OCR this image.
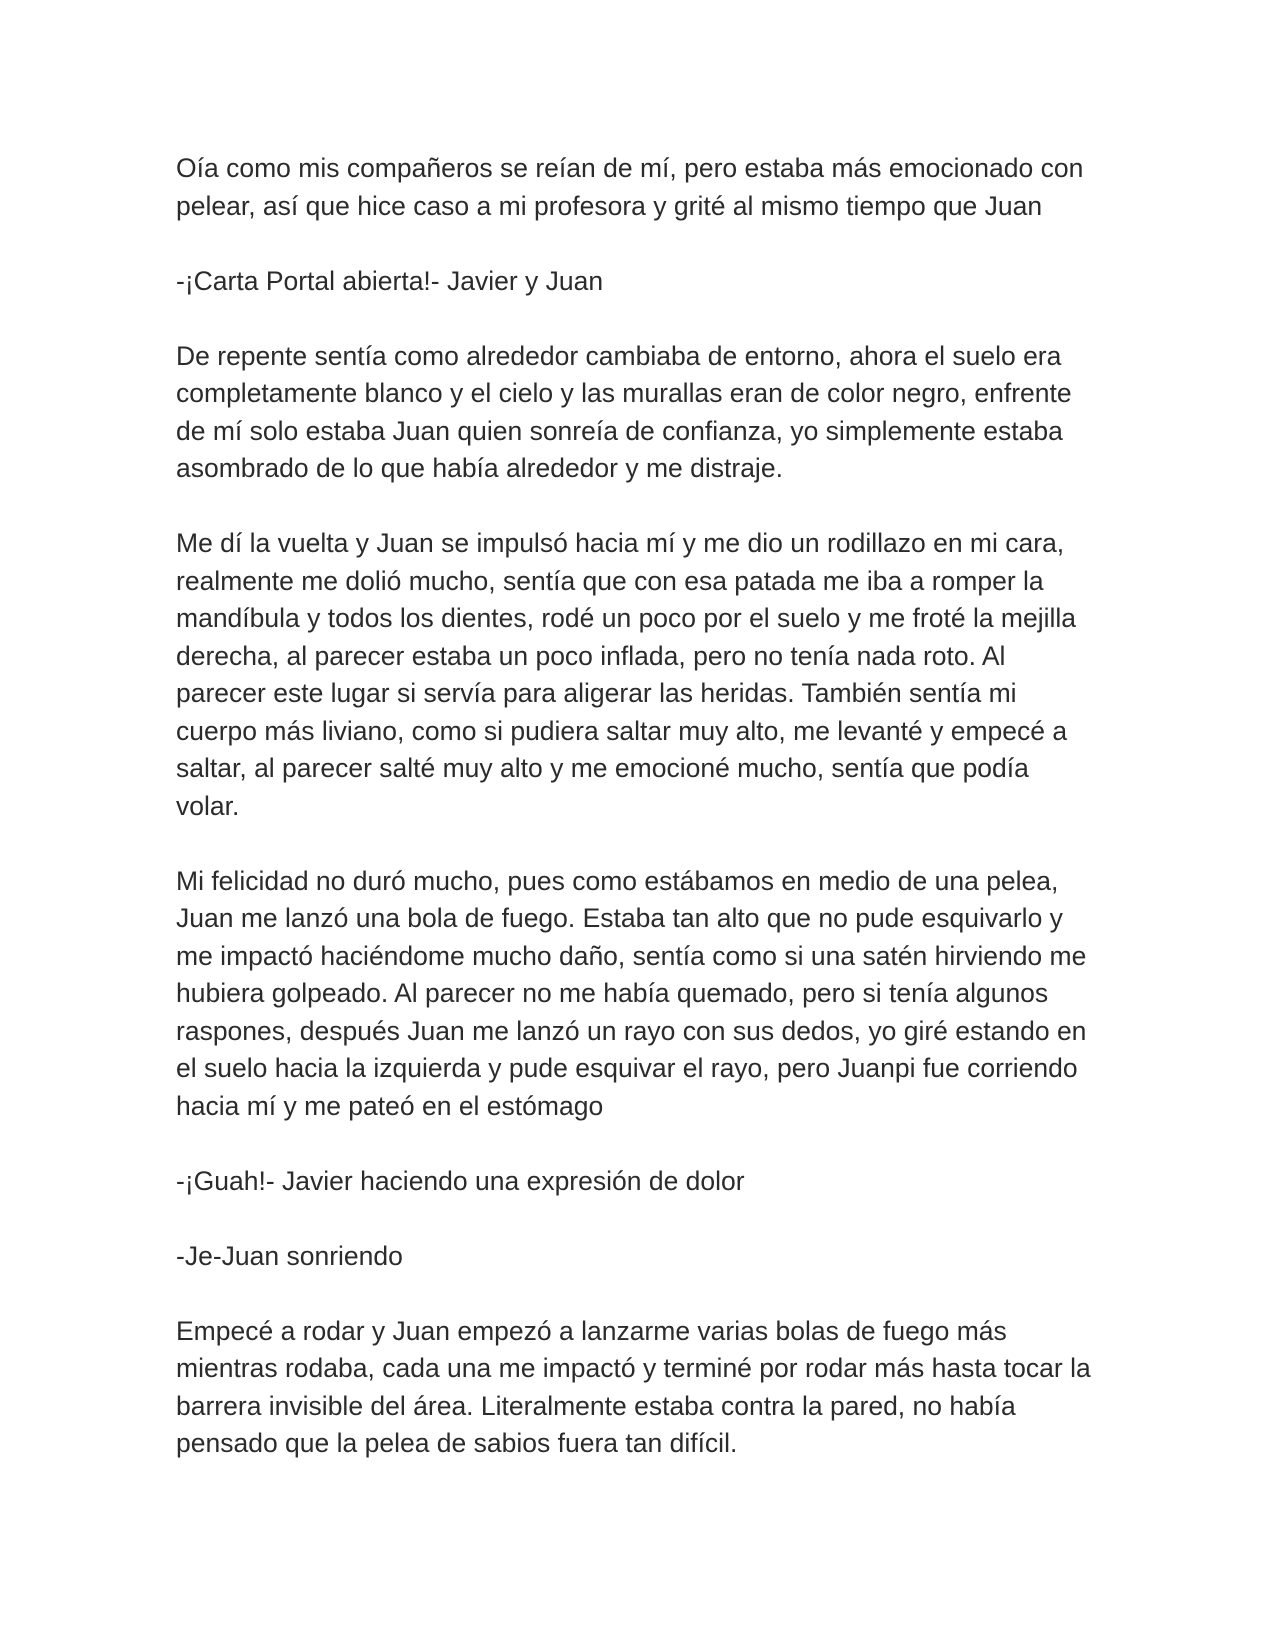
Oía como mis compañeros se reían de mí, pero estaba más emocionado con pelear, así que hice caso a mi profesora y grité al mismo tiempo que Juan

-¡Carta Portal abierta!- Javier y Juan

De repente sentía como alrededor cambiaba de entorno, ahora el suelo era completamente blanco y el cielo y las murallas eran de color negro, enfrente de mí solo estaba Juan quien sonreía de confianza, yo simplemente estaba asombrado de lo que había alrededor y me distraje.

Me dí la vuelta y Juan se impulsó hacia mí y me dio un rodillazo en mi cara, realmente me dolió mucho, sentía que con esa patada me iba a romper la mandíbula y todos los dientes, rodé un poco por el suelo y me froté la mejilla derecha, al parecer estaba un poco inflada, pero no tenía nada roto. Al parecer este lugar si servía para aligerar las heridas. También sentía mi cuerpo más liviano, como si pudiera saltar muy alto, me levanté y empecé a saltar, al parecer salté muy alto y me emocioné mucho, sentía que podía volar.

Mi felicidad no duró mucho, pues como estábamos en medio de una pelea, Juan me lanzó una bola de fuego. Estaba tan alto que no pude esquivarlo y me impactó haciéndome mucho daño, sentía como si una satén hirviendo me hubiera golpeado. Al parecer no me había quemado, pero si tenía algunos raspones, después Juan me lanzó un rayo con sus dedos, yo giré estando en el suelo hacia la izquierda y pude esquivar el rayo, pero Juanpi fue corriendo hacia mí y me pateó en el estómago

-¡Guah!- Javier haciendo una expresión de dolor

-Je-Juan sonriendo

Empecé a rodar y Juan empezó a lanzarme varias bolas de fuego más mientras rodaba, cada una me impactó y terminé por rodar más hasta tocar la barrera invisible del área. Literalmente estaba contra la pared, no había pensado que la pelea de sabios fuera tan difícil.
